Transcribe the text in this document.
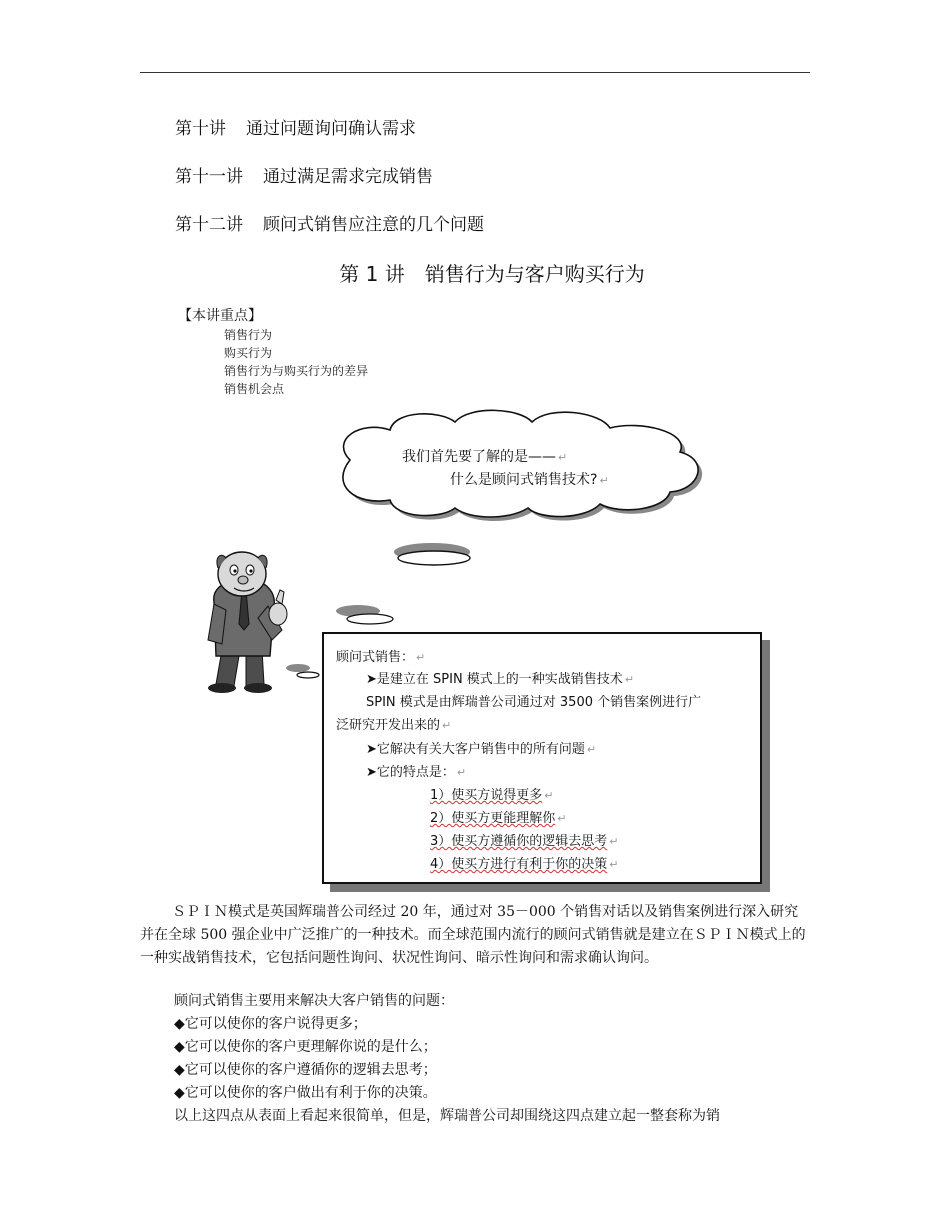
第十讲 通过问题询问确认需求
第十一讲 通过满足需求完成销售
第十二讲 顾问式销售应注意的几个问题
第 1 讲　销售行为与客户购买行为
【本讲重点】
销售行为
购买行为
销售行为与购买行为的差异
销售机会点
我们首先要了解的是—— ↵
什么是顾问式销售技术? ↵
顾问式销售： ↵
➤是建立在 SPIN 模式上的一种实战销售技术 ↵
SPIN 模式是由辉瑞普公司通过对 3500 个销售案例进行广
泛研究开发出来的 ↵
➤它解决有关大客户销售中的所有问题 ↵
➤它的特点是： ↵
1）使买方说得更多 ↵
2）使买方更能理解你 ↵
3）使买方遵循你的逻辑去思考 ↵
4）使买方进行有利于你的决策 ↵
ＳＰＩＮ模式是英国辉瑞普公司经过 20 年，通过对 35－000 个销售对话以及销售案例进行深入研究并在全球 500 强企业中广泛推广的一种技术。而全球范围内流行的顾问式销售就是建立在ＳＰＩＮ模式上的一种实战销售技术，它包括问题性询问、状况性询问、暗示性询问和需求确认询问。
顾问式销售主要用来解决大客户销售的问题：
◆它可以使你的客户说得更多；
◆它可以使你的客户更理解你说的是什么；
◆它可以使你的客户遵循你的逻辑去思考；
◆它可以使你的客户做出有利于你的决策。
以上这四点从表面上看起来很简单，但是，辉瑞普公司却围绕这四点建立起一整套称为销
